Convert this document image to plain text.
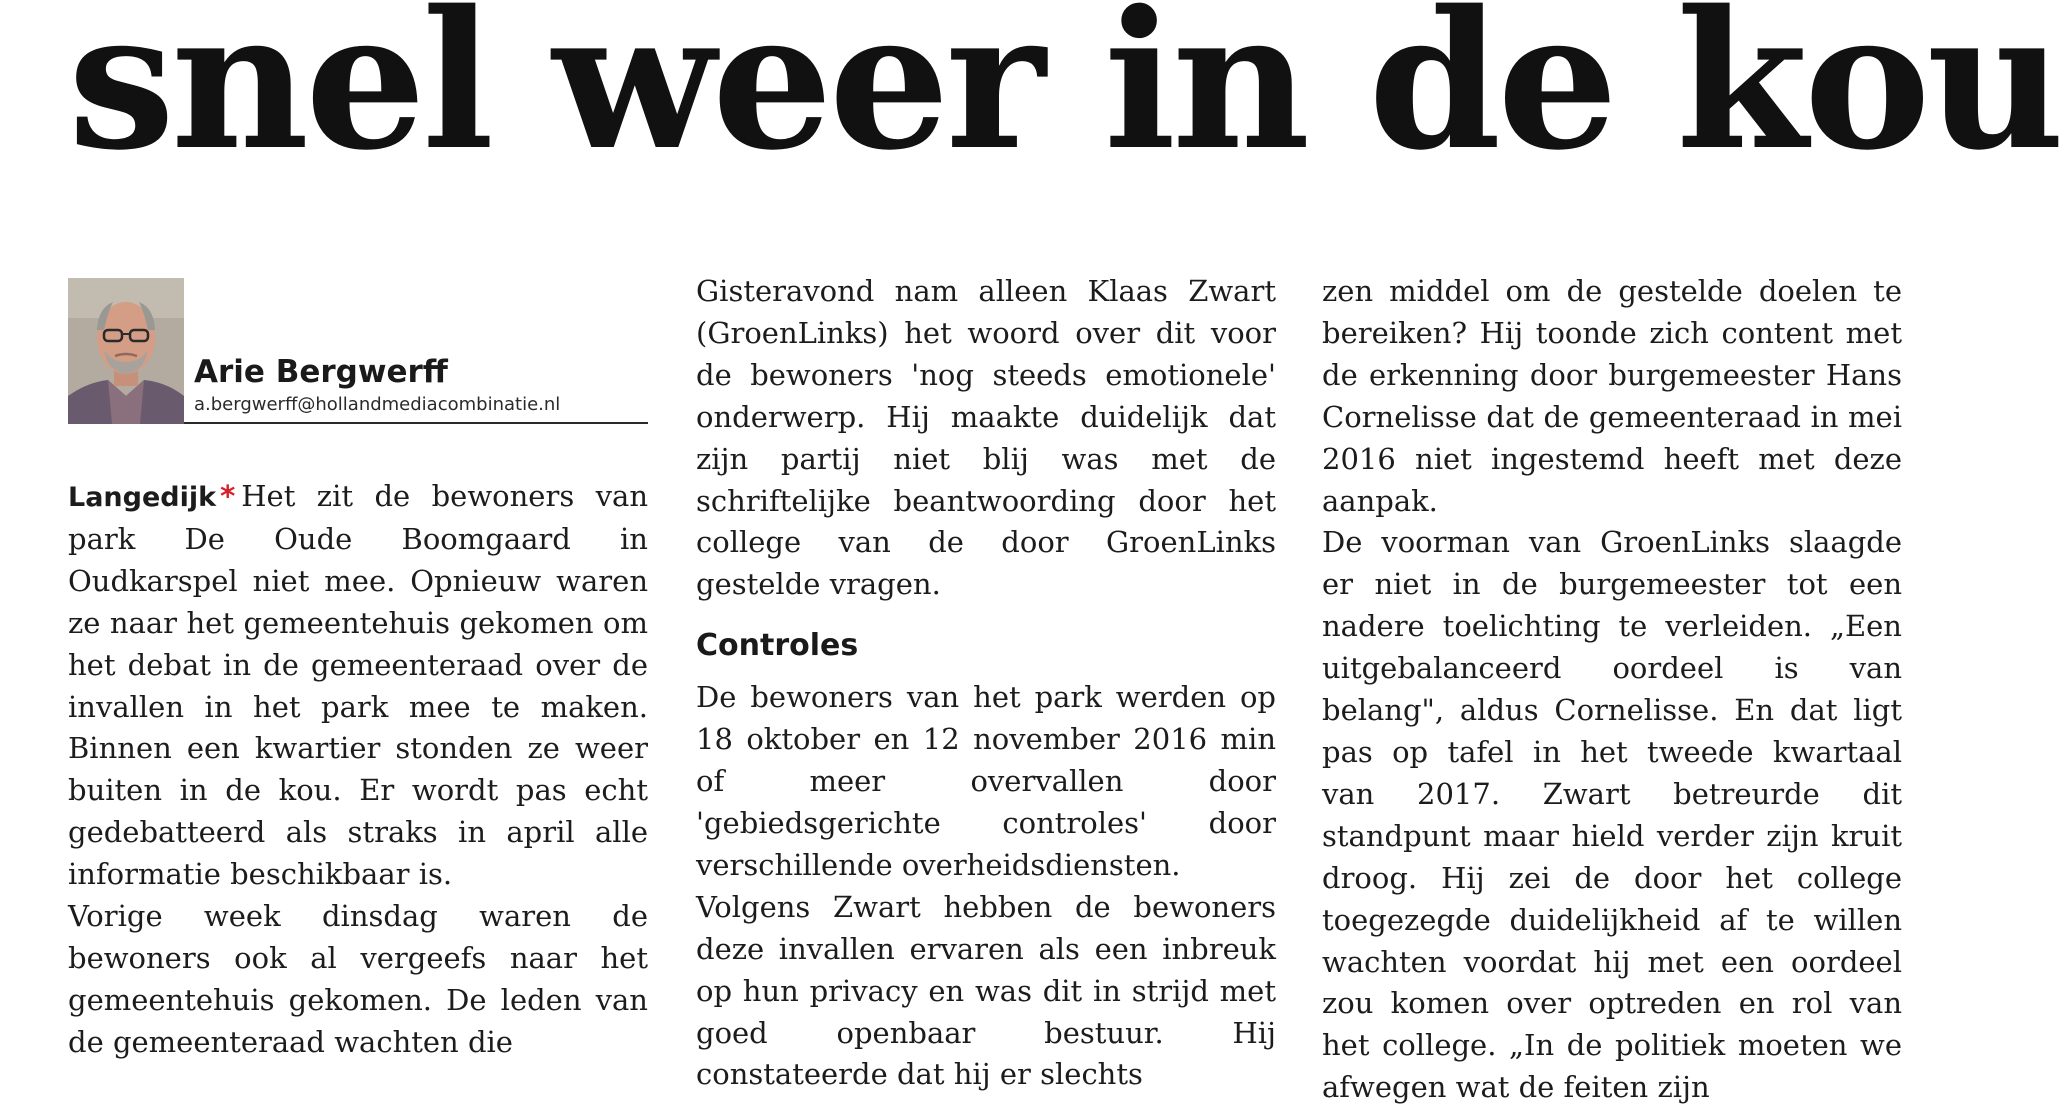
snel weer in de kou
Arie Bergwerff
a.bergwerff@hollandmediacombinatie.nl

Langedijk * Het zit de bewoners van park De Oude Boomgaard in Oudkarspel niet mee. Opnieuw waren ze naar het gemeentehuis gekomen om het debat in de gemeenteraad over de invallen in het park mee te maken. Binnen een kwartier stonden ze weer buiten in de kou. Er wordt pas echt gedebatteerd als straks in april alle informatie beschikbaar is.

Vorige week dinsdag waren de bewoners ook al vergeefs naar het gemeentehuis gekomen. De leden van de gemeenteraad wachten die

Gisteravond nam alleen Klaas Zwart (GroenLinks) het woord over dit voor de bewoners 'nog steeds emotionele' onderwerp. Hij maakte duidelijk dat zijn partij niet blij was met de schriftelijke beantwoording door het college van de door GroenLinks gestelde vragen.

Controles

De bewoners van het park werden op 18 oktober en 12 november 2016 min of meer overvallen door 'gebiedsgerichte controles' door verschillende overheidsdiensten.

Volgens Zwart hebben de bewoners deze invallen ervaren als een inbreuk op hun privacy en was dit in strijd met goed openbaar bestuur. Hij constateerde dat hij er slechts

zen middel om de gestelde doelen te bereiken? Hij toonde zich content met de erkenning door burgemeester Hans Cornelisse dat de gemeenteraad in mei 2016 niet ingestemd heeft met deze aanpak.

De voorman van GroenLinks slaagde er niet in de burgemeester tot een nadere toelichting te verleiden. „Een uitgebalanceerd oordeel is van belang", aldus Cornelisse. En dat ligt pas op tafel in het tweede kwartaal van 2017. Zwart betreurde dit standpunt maar hield verder zijn kruit droog. Hij zei de door het college toegezegde duidelijkheid af te willen wachten voordat hij met een oordeel zou komen over optreden en rol van het college. „In de politiek moeten we afwegen wat de feiten zijn
